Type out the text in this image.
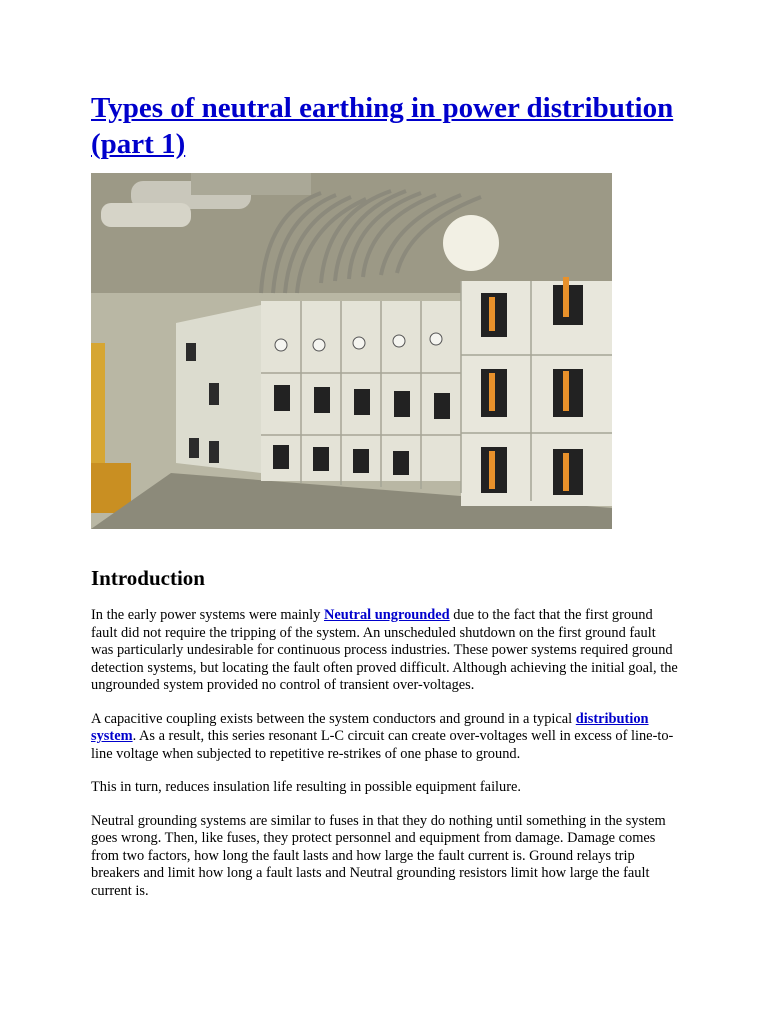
Types of neutral earthing in power distribution (part 1)
Introduction

In the early power systems were mainly Neutral ungrounded due to the fact that the first ground fault did not require the tripping of the system. An unscheduled shutdown on the first ground fault was particularly undesirable for continuous process industries. These power systems required ground detection systems, but locating the fault often proved difficult. Although achieving the initial goal, the ungrounded system provided no control of transient over-voltages.

A capacitive coupling exists between the system conductors and ground in a typical distribution system. As a result, this series resonant L-C circuit can create over-voltages well in excess of line-to-line voltage when subjected to repetitive re-strikes of one phase to ground.

This in turn, reduces insulation life resulting in possible equipment failure.

Neutral grounding systems are similar to fuses in that they do nothing until something in the system goes wrong. Then, like fuses, they protect personnel and equipment from damage. Damage comes from two factors, how long the fault lasts and how large the fault current is. Ground relays trip breakers and limit how long a fault lasts and Neutral grounding resistors limit how large the fault current is.
